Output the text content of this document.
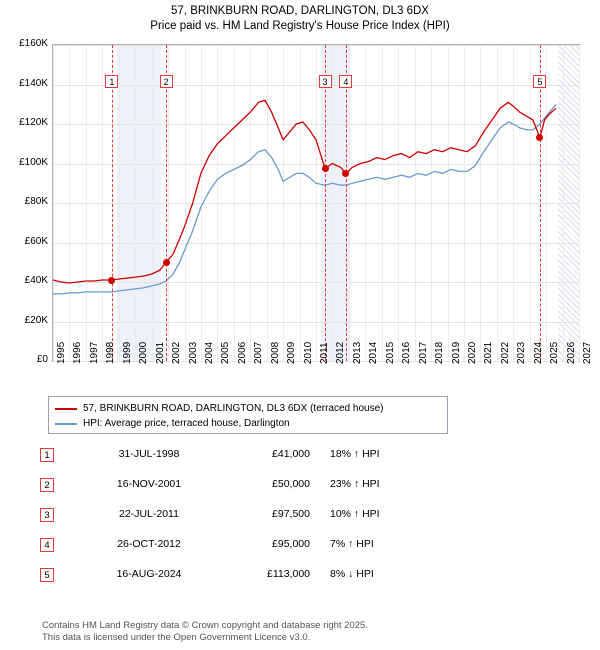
57, BRINKBURN ROAD, DARLINGTON, DL3 6DX
Price paid vs. HM Land Registry's House Price Index (HPI)
1	2	3	4	5
£0
£20K
£40K
£60K
£80K
£100K
£120K
£140K
£160K
1995 1996 1997 1998 1999 2000 2001 2002 2003 2004 2005 2006 2007 2008 2009 2010 2011 2012 2013 2014 2015 2016 2017 2018 2019 2020 2021 2022 2023 2024 2025 2026 2027
57, BRINKBURN ROAD, DARLINGTON, DL3 6DX (terraced house)
HPI: Average price, terraced house, Darlington
1	31-JUL-1998	£41,000 18% ↑ HPI
2	16-NOV-2001	£50,000 23% ↑ HPI
3	22-JUL-2011	£97,500 10% ↑ HPI
4	26-OCT-2012	£95,000 7% ↑ HPI
5	16-AUG-2024	£113,000 8% ↓ HPI
Contains HM Land Registry data © Crown copyright and database right 2025.
This data is licensed under the Open Government Licence v3.0.
